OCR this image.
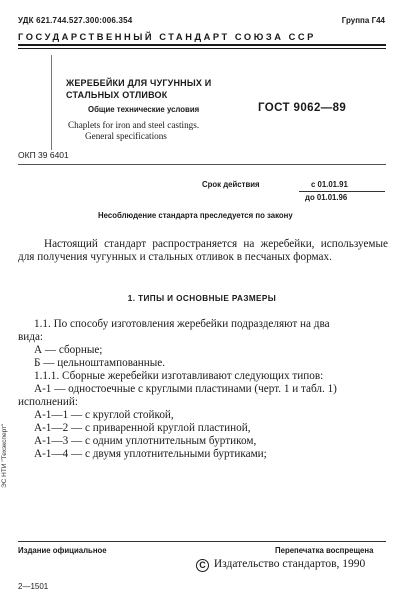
УДК 621.744.527.300:006.354	Группа Г44
ГОСУДАРСТВЕННЫЙ СТАНДАРТ СОЮЗА ССР
ЖЕРЕБЕЙКИ ДЛЯ ЧУГУННЫХ И
СТАЛЬНЫХ ОТЛИВОК
Общие технические условия	ГОСТ 9062—89
Chaplets for iron and steel castings.
General specifications
ОКП 39 6401
Срок действия	с 01.01.91
до 01.01.96
Несоблюдение стандарта преследуется по закону
Настоящий стандарт распространяется на жеребейки, используемые для получения чугунных и стальных отливок в песчаных формах.
1. ТИПЫ И ОСНОВНЫЕ РАЗМЕРЫ
1.1. По способу изготовления жеребейки подразделяют на два
вида:
А — сборные;
Б — цельноштампованные.
1.1.1. Сборные жеребейки изготавливают следующих типов:
А-1 — одностоечные с круглыми пластинами (черт. 1 и табл. 1)
исполнений:
А-1—1 — с круглой стойкой,
А-1—2 — с приваренной круглой пластиной,
А-1—3 — с одним уплотнительным буртиком,
А-1—4 — с двумя уплотнительными буртиками;
ЭС НТИ "Техэксперт"
Издание официальное	Перепечатка воспрещена
С Издательство стандартов, 1990
2—1501
